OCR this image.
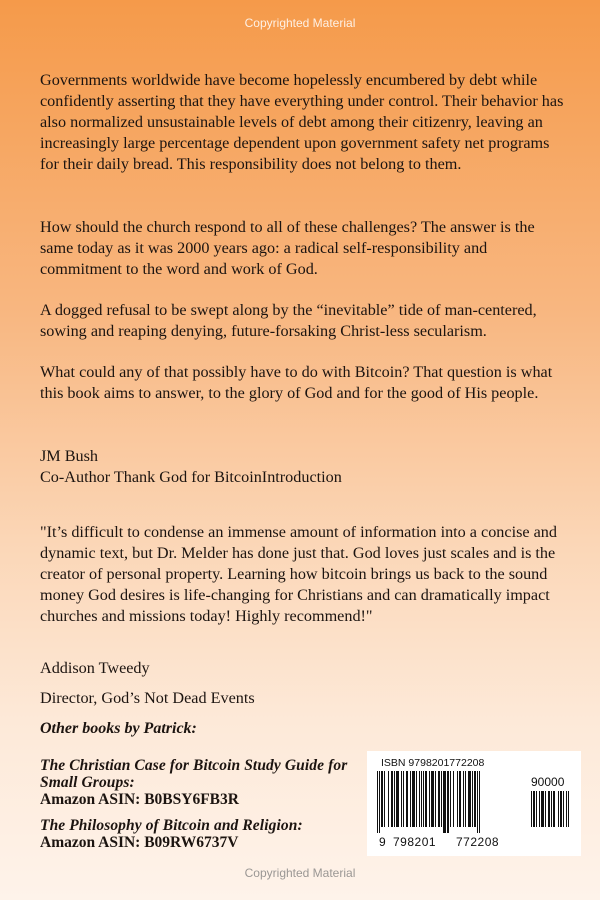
Copyrighted Material

Governments worldwide have become hopelessly encumbered by debt while confidently asserting that they have everything under control. Their behavior has also normalized unsustainable levels of debt among their citizenry, leaving an increasingly large percentage dependent upon government safety net programs for their daily bread. This responsibility does not belong to them.

How should the church respond to all of these challenges? The answer is the same today as it was 2000 years ago: a radical self-responsibility and commitment to the word and work of God.

A dogged refusal to be swept along by the “inevitable” tide of man-centered, sowing and reaping denying, future-forsaking Christ-less secularism.

What could any of that possibly have to do with Bitcoin? That question is what this book aims to answer, to the glory of God and for the good of His people.

JM Bush
Co-Author Thank God for BitcoinIntroduction

"It’s difficult to condense an immense amount of information into a concise and dynamic text, but Dr. Melder has done just that. God loves just scales and is the creator of personal property. Learning how bitcoin brings us back to the sound money God desires is life-changing for Christians and can dramatically impact churches and missions today! Highly recommend!"

Addison Tweedy

Director, God’s Not Dead Events

Other books by Patrick:

The Christian Case for Bitcoin Study Guide for Small Groups:
Amazon ASIN: B0BSY6FB3R

The Philosophy of Bitcoin and Religion:
Amazon ASIN: B09RW6737V

ISBN 9798201772208
90000
9 798201 772208
Copyrighted Material
